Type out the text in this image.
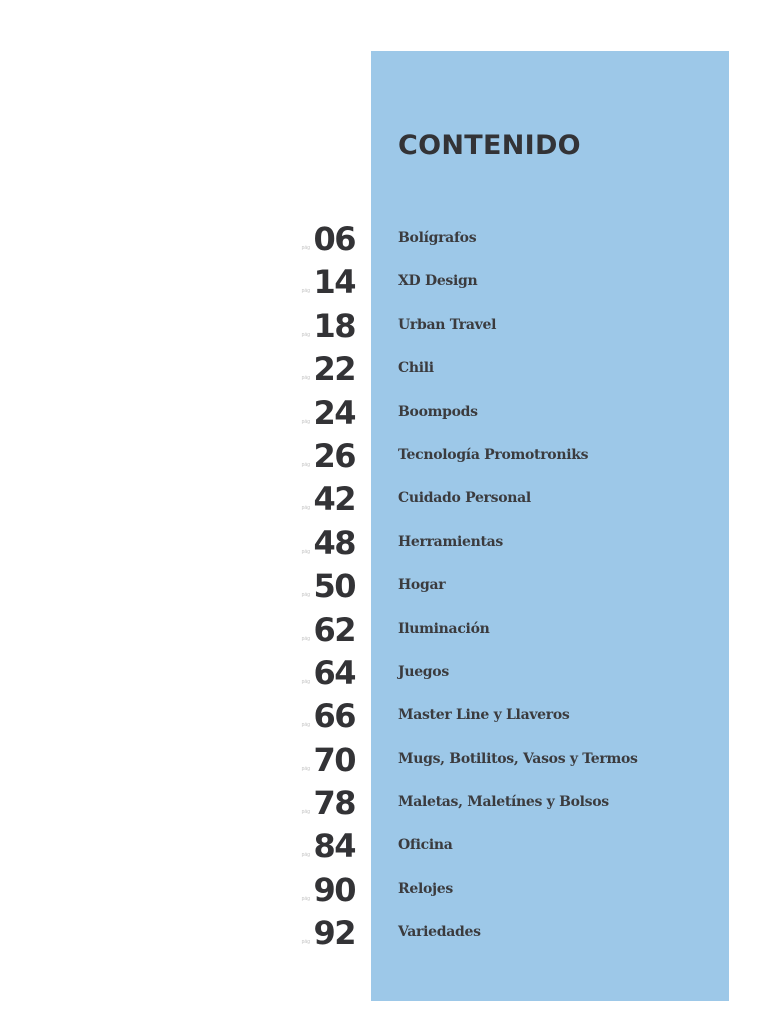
CONTENIDO
pág 06	Bolígrafos
pág 14	XD Design
pág 18	Urban Travel
pág 22	Chili
pág 24	Boompods
pág 26	Tecnología Promotroniks
pág 42	Cuidado Personal
pág 48	Herramientas
pág 50	Hogar
pág 62	Iluminación
pág 64	Juegos
pág 66	Master Line y Llaveros
pág 70	Mugs, Botilitos, Vasos y Termos
pág 78	Maletas, Maletínes y Bolsos
pág 84	Oficina
pág 90	Relojes
pág 92	Variedades
